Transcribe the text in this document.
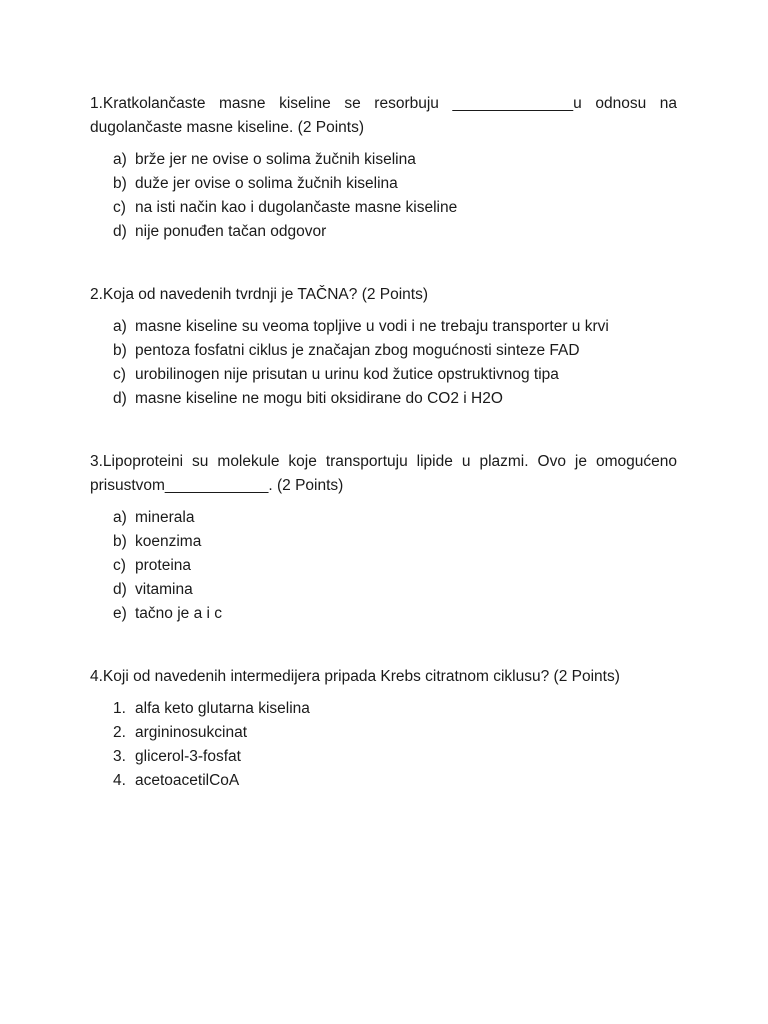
1.Kratkolančaste masne kiseline se resorbuju ______________u odnosu na dugolančaste masne kiseline. (2 Points)

a) brže jer ne ovise o solima žučnih kiselina
b) duže jer ovise o solima žučnih kiselina
c) na isti način kao i dugolančaste masne kiseline
d) nije ponuđen tačan odgovor

2.Koja od navedenih tvrdnji je TAČNA? (2 Points)

a) masne kiseline su veoma topljive u vodi i ne trebaju transporter u krvi
b) pentoza fosfatni ciklus je značajan zbog mogućnosti sinteze FAD
c) urobilinogen nije prisutan u urinu kod žutice opstruktivnog tipa
d) masne kiseline ne mogu biti oksidirane do CO2 i H2O

3.Lipoproteini su molekule koje transportuju lipide u plazmi. Ovo je omogućeno prisustvom____________. (2 Points)

a) minerala
b) koenzima
c) proteina
d) vitamina
e) tačno je a i c

4.Koji od navedenih intermedijera pripada Krebs citratnom ciklusu? (2 Points)

1. alfa keto glutarna kiselina
2. argininosukcinat
3. glicerol-3-fosfat
4. acetoacetilCoA
